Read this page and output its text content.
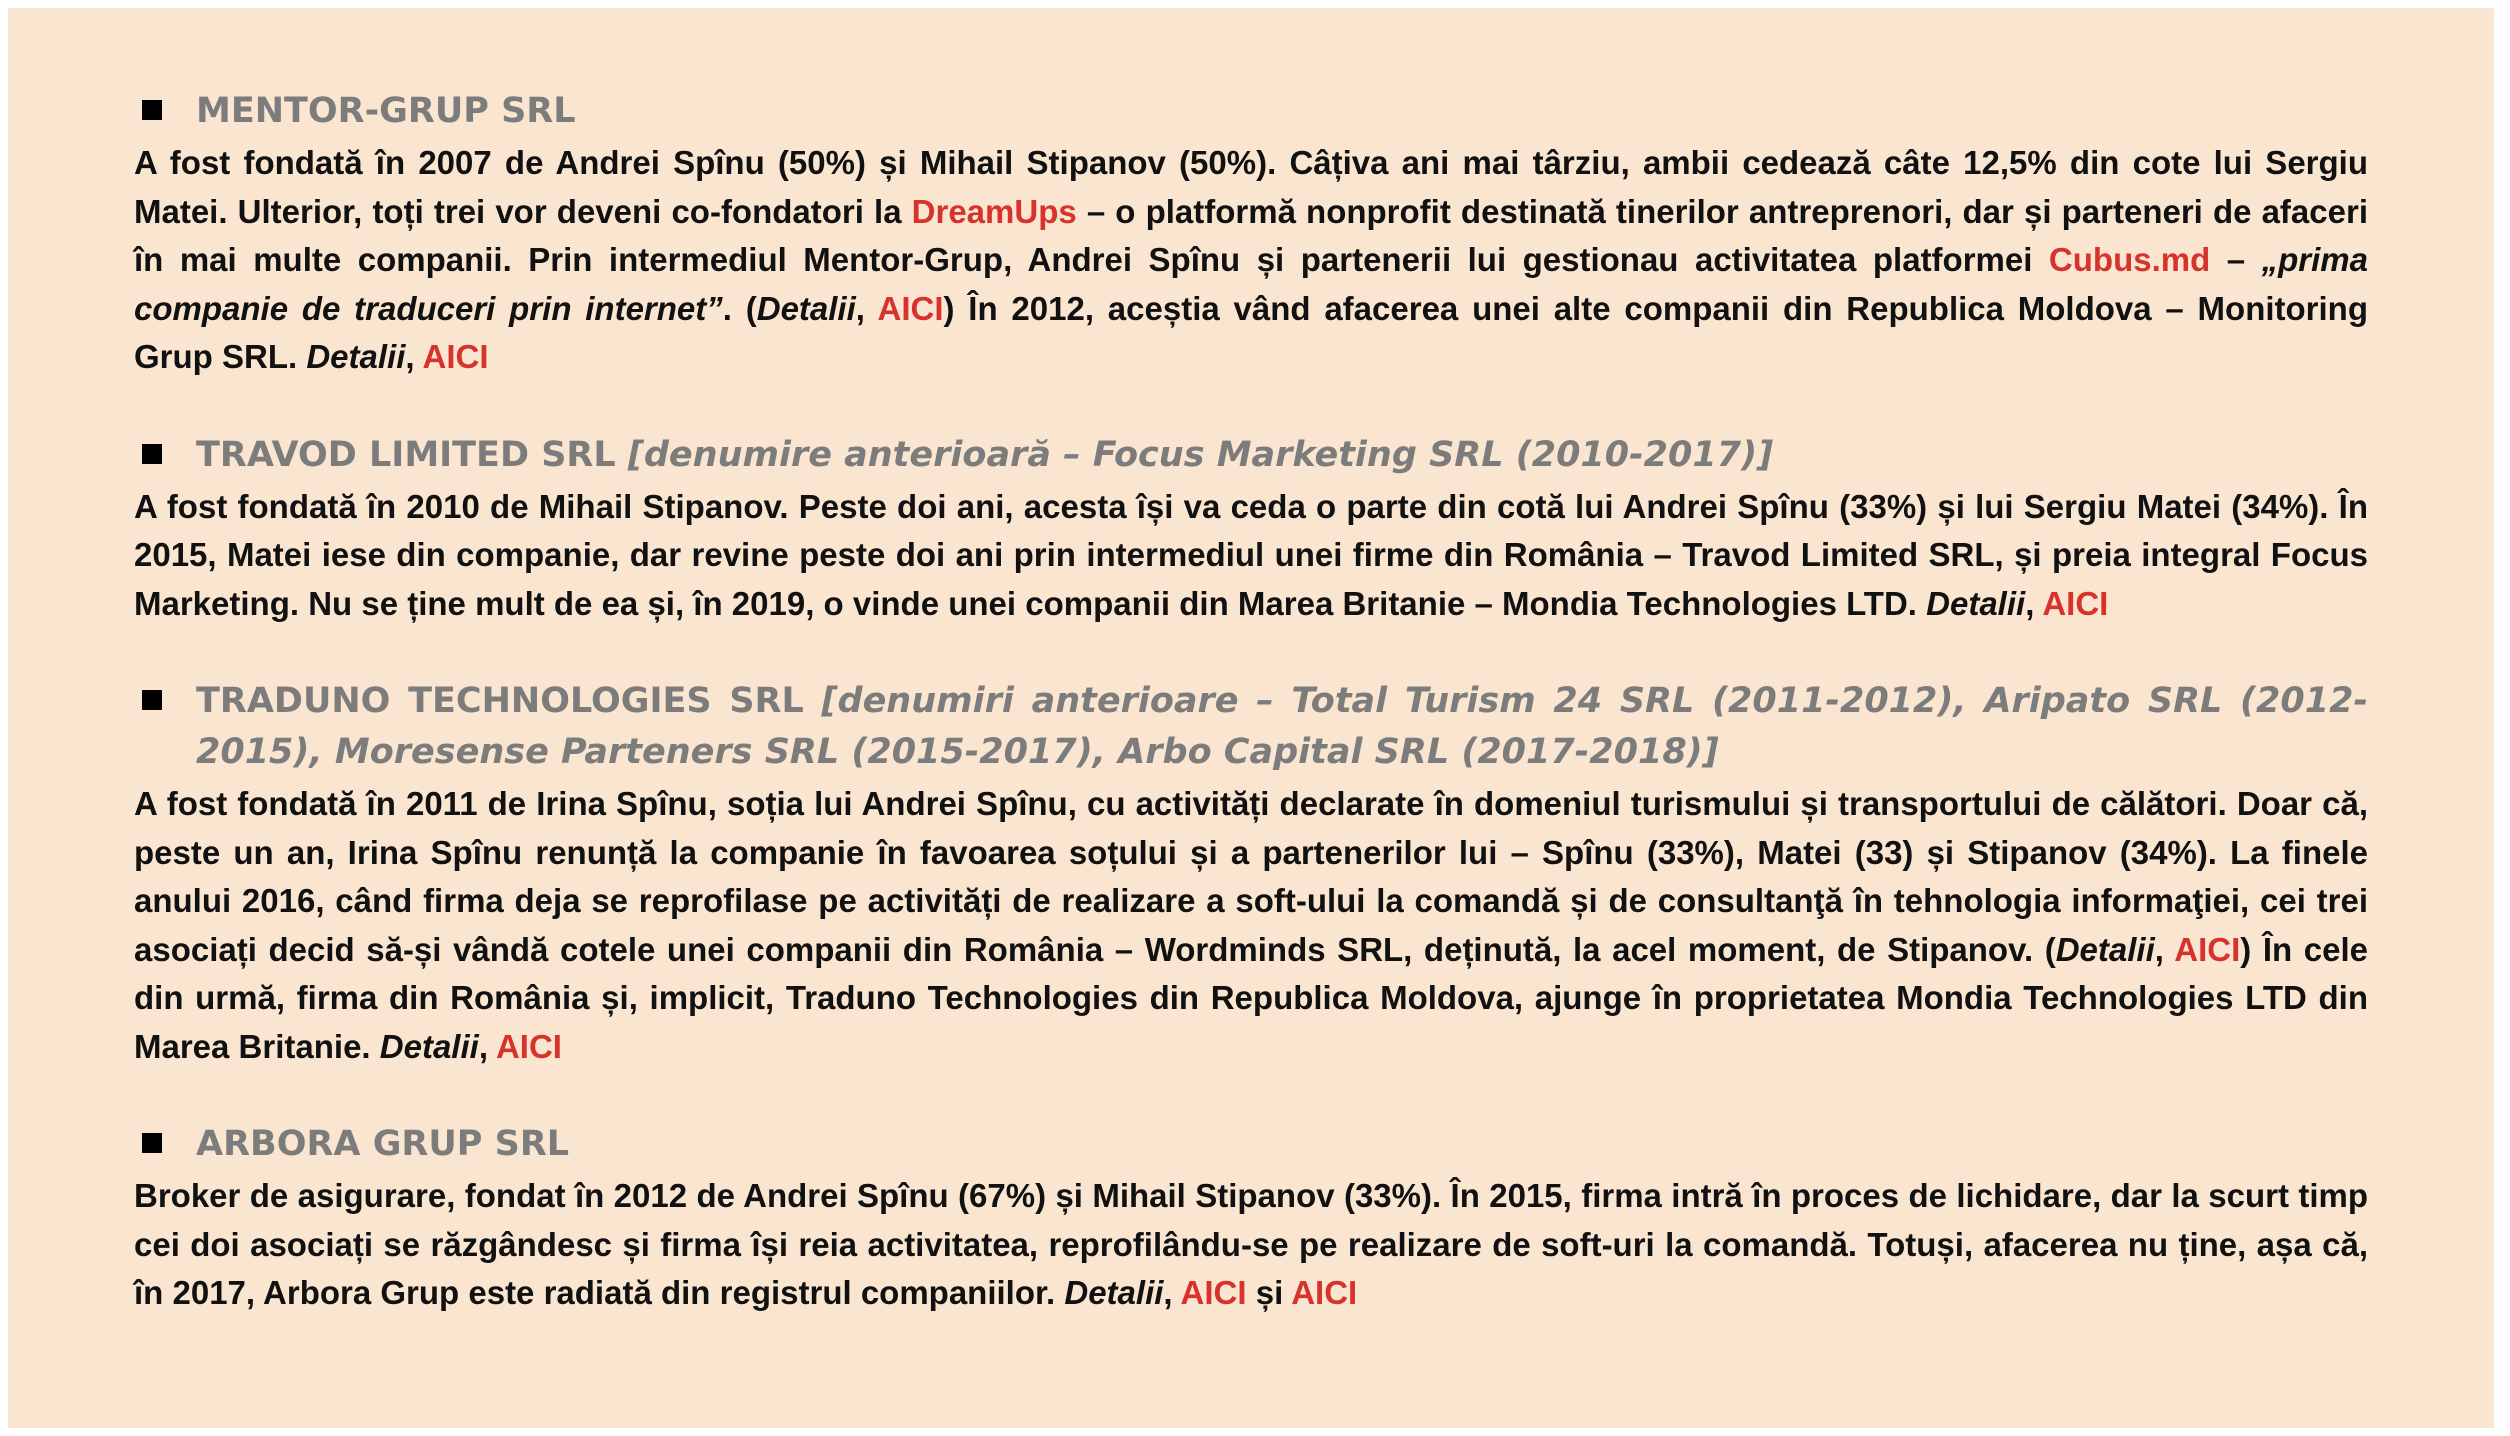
MENTOR-GRUP SRL

A fost fondată în 2007 de Andrei Spînu (50%) și Mihail Stipanov (50%). Câțiva ani mai târziu, ambii cedează câte 12,5% din cote lui Sergiu Matei. Ulterior, toți trei vor deveni co-fondatori la DreamUps – o platformă nonprofit destinată tinerilor antreprenori, dar și parteneri de afaceri în mai multe companii. Prin intermediul Mentor-Grup, Andrei Spînu și partenerii lui gestionau activitatea platformei Cubus.md – „prima companie de traduceri prin internet”. (Detalii, AICI) În 2012, aceștia vând afacerea unei alte companii din Republica Moldova – Monitoring Grup SRL. Detalii, AICI

TRAVOD LIMITED SRL [denumire anterioară – Focus Marketing SRL (2010-2017)]

A fost fondată în 2010 de Mihail Stipanov. Peste doi ani, acesta își va ceda o parte din cotă lui Andrei Spînu (33%) și lui Sergiu Matei (34%). În 2015, Matei iese din companie, dar revine peste doi ani prin intermediul unei firme din România – Travod Limited SRL, și preia integral Focus Marketing. Nu se ține mult de ea și, în 2019, o vinde unei companii din Marea Britanie – Mondia Technologies LTD. Detalii, AICI

TRADUNO TECHNOLOGIES SRL [denumiri anterioare – Total Turism 24 SRL (2011-2012), Aripato SRL (2012-2015), Moresense Parteners SRL (2015-2017), Arbo Capital SRL (2017-2018)]

A fost fondată în 2011 de Irina Spînu, soția lui Andrei Spînu, cu activități declarate în domeniul turismului și transportului de călători. Doar că, peste un an, Irina Spînu renunță la companie în favoarea soțului și a partenerilor lui – Spînu (33%), Matei (33) și Stipanov (34%). La finele anului 2016, când firma deja se reprofilase pe activități de realizare a soft-ului la comandă și de consultanţă în tehnologia informaţiei, cei trei asociați decid să-și vândă cotele unei companii din România – Wordminds SRL, deținută, la acel moment, de Stipanov. (Detalii, AICI) În cele din urmă, firma din România și, implicit, Traduno Technologies din Republica Moldova, ajunge în proprietatea Mondia Technologies LTD din Marea Britanie. Detalii, AICI

ARBORA GRUP SRL

Broker de asigurare, fondat în 2012 de Andrei Spînu (67%) și Mihail Stipanov (33%). În 2015, firma intră în proces de lichidare, dar la scurt timp cei doi asociați se răzgândesc și firma își reia activitatea, reprofilându-se pe realizare de soft-uri la comandă. Totuși, afacerea nu ține, așa că, în 2017, Arbora Grup este radiată din registrul companiilor. Detalii, AICI și AICI
